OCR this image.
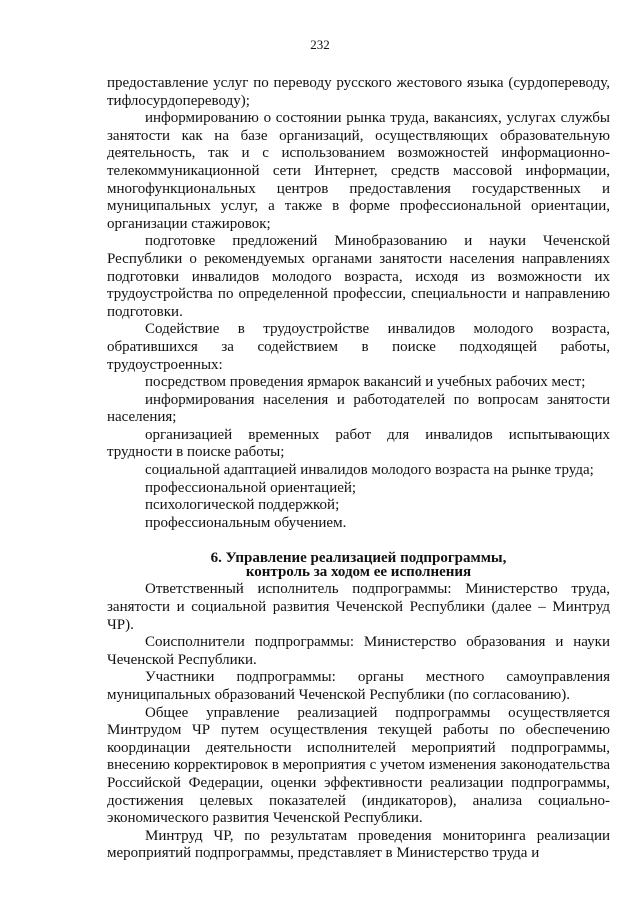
232

предоставление услуг по переводу русского жестового языка (сурдопереводу, тифлосурдопереводу);

информированию о состоянии рынка труда, вакансиях, услугах службы занятости как на базе организаций, осуществляющих образовательную деятельность, так и с использованием возможностей информационно-телекоммуникационной сети Интернет, средств массовой информации, многофункциональных центров предоставления государственных и муниципальных услуг, а также в форме профессиональной ориентации, организации стажировок;

подготовке предложений Минобразованию и науки Чеченской Республики о рекомендуемых органами занятости населения направлениях подготовки инвалидов молодого возраста, исходя из возможности их трудоустройства по определенной профессии, специальности и направлению подготовки.

Содействие в трудоустройстве инвалидов молодого возраста, обратившихся за содействием в поиске подходящей работы, трудоустроенных:

посредством проведения ярмарок вакансий и учебных рабочих мест;

информирования населения и работодателей по вопросам занятости населения;

организацией временных работ для инвалидов испытывающих трудности в поиске работы;

социальной адаптацией инвалидов молодого возраста на рынке труда;

профессиональной ориентацией;

психологической поддержкой;

профессиональным обучением.

6. Управление реализацией подпрограммы,
контроль за ходом ее исполнения

Ответственный исполнитель подпрограммы: Министерство труда, занятости и социальной развития Чеченской Республики (далее – Минтруд ЧР).

Соисполнители подпрограммы: Министерство образования и науки Чеченской Республики.

Участники подпрограммы: органы местного самоуправления муниципальных образований Чеченской Республики (по согласованию).

Общее управление реализацией подпрограммы осуществляется Минтрудом ЧР путем осуществления текущей работы по обеспечению координации деятельности исполнителей мероприятий подпрограммы, внесению корректировок в мероприятия с учетом изменения законодательства Российской Федерации, оценки эффективности реализации подпрограммы, достижения целевых показателей (индикаторов), анализа социально-экономического развития Чеченской Республики.

Минтруд ЧР, по результатам проведения мониторинга реализации мероприятий подпрограммы, представляет в Министерство труда и
